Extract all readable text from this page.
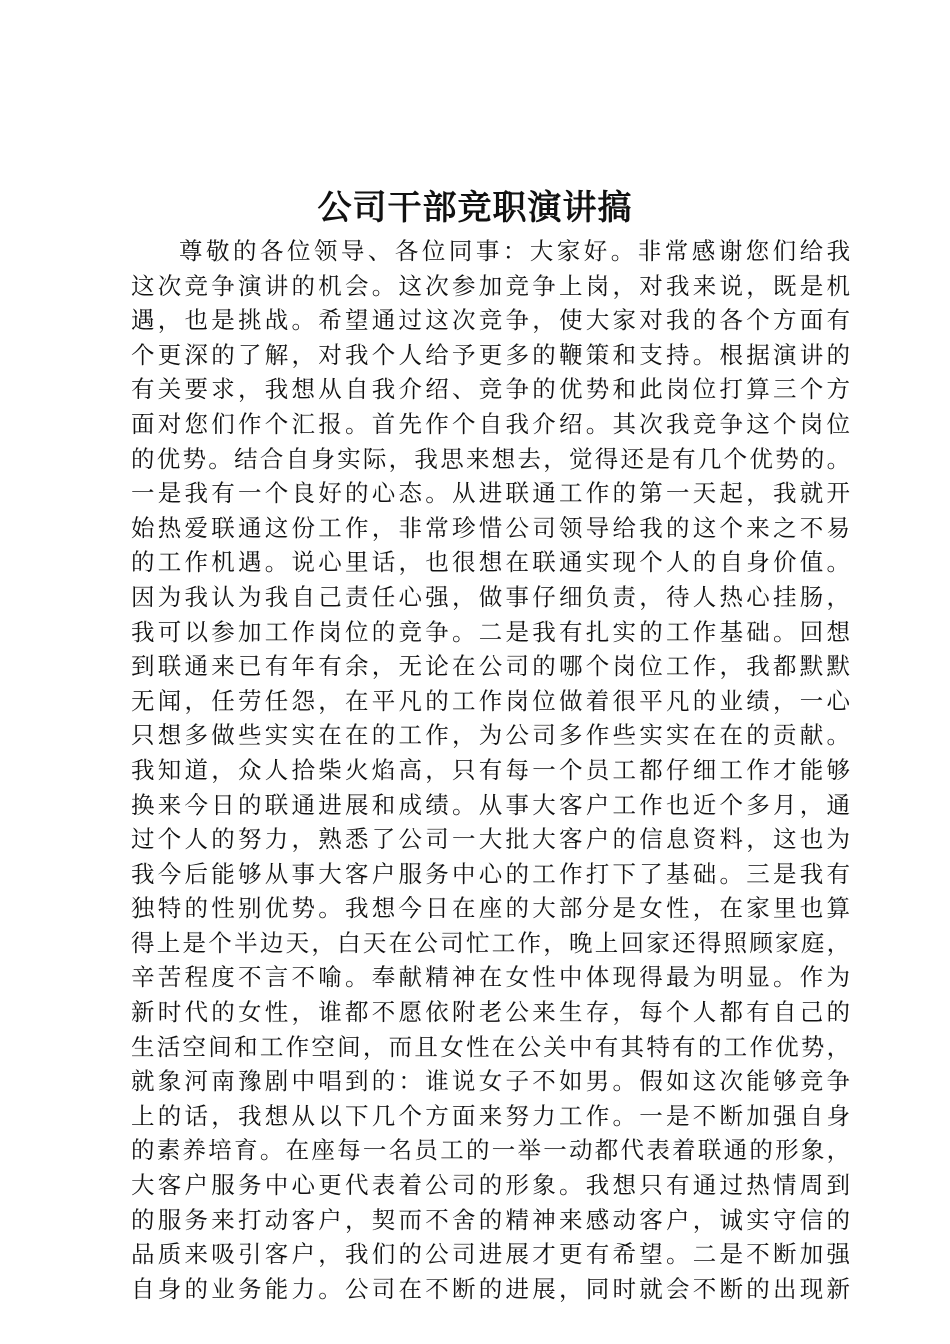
公司干部竞职演讲搞
尊 敬 的 各 位 领 导 、 各 位 同 事 ： 大 家 好 。 非 常 感 谢 您 们 给 我
这 次 竞 争 演 讲 的 机 会 。 这 次 参 加 竞 争 上 岗 ， 对 我 来 说 ， 既 是 机
遇 ， 也 是 挑 战 。 希 望 通 过 这 次 竞 争 ， 使 大 家 对 我 的 各 个 方 面 有
个 更 深 的 了 解 ， 对 我 个 人 给 予 更 多 的 鞭 策 和 支 持 。 根 据 演 讲 的
有 关 要 求 ， 我 想 从 自 我 介 绍 、 竞 争 的 优 势 和 此 岗 位 打 算 三 个 方
面 对 您 们 作 个 汇 报 。 首 先 作 个 自 我 介 绍 。 其 次 我 竞 争 这 个 岗 位
的 优 势 。 结 合 自 身 实 际 ， 我 思 来 想 去 ， 觉 得 还 是 有 几 个 优 势 的 。
一 是 我 有 一 个 良 好 的 心 态 。 从 进 联 通 工 作 的 第 一 天 起 ， 我 就 开
始 热 爱 联 通 这 份 工 作 ， 非 常 珍 惜 公 司 领 导 给 我 的 这 个 来 之 不 易
的 工 作 机 遇 。 说 心 里 话 ， 也 很 想 在 联 通 实 现 个 人 的 自 身 价 值 。
因 为 我 认 为 我 自 己 责 任 心 强 ， 做 事 仔 细 负 责 ， 待 人 热 心 挂 肠 ，
我 可 以 参 加 工 作 岗 位 的 竞 争 。 二 是 我 有 扎 实 的 工 作 基 础 。 回 想
到 联 通 来 已 有 年 有 余 ， 无 论 在 公 司 的 哪 个 岗 位 工 作 ， 我 都 默 默
无 闻 ， 任 劳 任 怨 ， 在 平 凡 的 工 作 岗 位 做 着 很 平 凡 的 业 绩 ， 一 心
只 想 多 做 些 实 实 在 在 的 工 作 ， 为 公 司 多 作 些 实 实 在 在 的 贡 献 。
我 知 道 ， 众 人 拾 柴 火 焰 高 ， 只 有 每 一 个 员 工 都 仔 细 工 作 才 能 够
换 来 今 日 的 联 通 进 展 和 成 绩 。 从 事 大 客 户 工 作 也 近 个 多 月 ， 通
过 个 人 的 努 力 ， 熟 悉 了 公 司 一 大 批 大 客 户 的 信 息 资 料 ， 这 也 为
我 今 后 能 够 从 事 大 客 户 服 务 中 心 的 工 作 打 下 了 基 础 。 三 是 我 有
独 特 的 性 别 优 势 。 我 想 今 日 在 座 的 大 部 分 是 女 性 ， 在 家 里 也 算
得 上 是 个 半 边 天 ， 白 天 在 公 司 忙 工 作 ， 晚 上 回 家 还 得 照 顾 家 庭 ，
辛 苦 程 度 不 言 不 喻 。 奉 献 精 神 在 女 性 中 体 现 得 最 为 明 显 。 作 为
新 时 代 的 女 性 ， 谁 都 不 愿 依 附 老 公 来 生 存 ， 每 个 人 都 有 自 己 的
生 活 空 间 和 工 作 空 间 ， 而 且 女 性 在 公 关 中 有 其 特 有 的 工 作 优 势 ，
就 象 河 南 豫 剧 中 唱 到 的 ： 谁 说 女 子 不 如 男 。 假 如 这 次 能 够 竞 争
上 的 话 ， 我 想 从 以 下 几 个 方 面 来 努 力 工 作 。 一 是 不 断 加 强 自 身
的 素 养 培 育 。 在 座 每 一 名 员 工 的 一 举 一 动 都 代 表 着 联 通 的 形 象 ，
大 客 户 服 务 中 心 更 代 表 着 公 司 的 形 象 。 我 想 只 有 通 过 热 情 周 到
的 服 务 来 打 动 客 户 ， 契 而 不 舍 的 精 神 来 感 动 客 户 ， 诚 实 守 信 的
品 质 来 吸 引 客 户 ， 我 们 的 公 司 进 展 才 更 有 希 望 。 二 是 不 断 加 强
自 身 的 业 务 能 力 。 公 司 在 不 断 的 进 展 ， 同 时 就 会 不 断 的 出 现 新
